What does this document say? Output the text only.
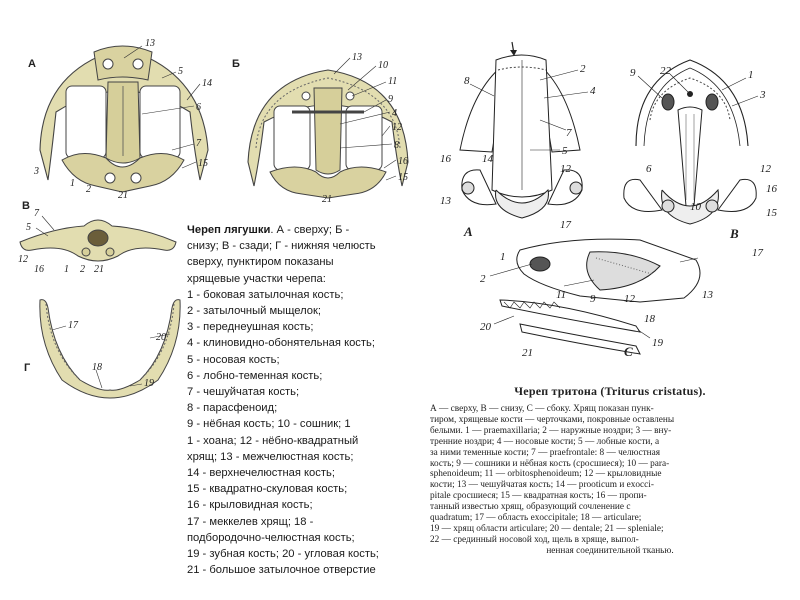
А
13
5
14
6
3
7
15
1
2
21
Б
13
10
11
9
4
12
8
16
15
21
В
7
5
12
16 1 2 21
Г
17
20
18
19
Череп лягушки. А - сверху; Б -
снизу; В - сзади; Г - нижняя челюсть
сверху, пунктиром показаны
хрящевые участки черепа:
1 - боковая затылочная кость;
2 - затылочный мыщелок;
3 - переднеушная кость;
4 - клиновидно-обонятельная кость;
5 - носовая кость;
6 - лобно-теменная кость;
7 - чешуйчатая кость;
8 - парасфеноид;
9 - нёбная кость; 10 - сошник; 1
1 - хоана; 12 - нёбно-квадратный
хрящ; 13 - межчелюстная кость;
14 - верхнечелюстная кость;
15 - квадратно-скуловая кость;
16 - крыловидная кость;
17 - меккелев хрящ; 18 -
подбородочно-челюстная кость;
19 - зубная кость; 20 - угловая кость;
21 - большое затылочное отверстие
8
2
4
7
5
16	14
12
13
17
А
9 22	1
3
12
6
10
16
15
17
В
1
2
11 9	12	13
18
20
19
21	С
Череп тритона (Triturus cristatus).
А — сверху, В — снизу, С — сбоку. Хрящ показан пунк-
тиром, хрящевые кости — черточками, покровные оставлены
белыми. 1 — praemaxillaria; 2 — наружные ноздри; 3 — вну-
тренние ноздри; 4 — носовые кости; 5 — лобные кости, а
за ними теменные кости; 7 — praefrontale: 8 — челюстная
кость; 9 — сошники и нёбная кость (сросшиеся); 10 — para-
sphenoideum; 11 — orbitosphenoideum; 12 — крыловидные
кости; 13 — чешуйчатая кость; 14 — prooticum и exocci-
pitale сросшиеся; 15 — квадратная кость; 16 — пропи-
танный известью хрящ, образующий сочленение с
quadratum; 17 — область exoccipitale; 18 — articulare;
19 — хрящ области articulare; 20 — dentale; 21 — spleniale;
22 — срединный носовой ход, щель в хряще, выпол-
ненная соединительной тканью.
